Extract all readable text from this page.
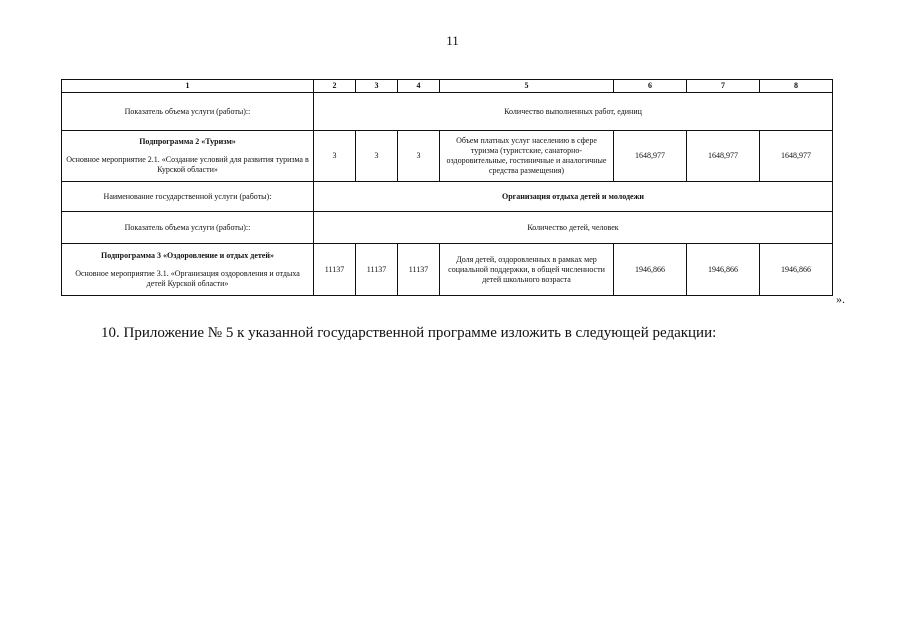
11
1	2	3	4	5	6	7	8
Показатель объема услуги (работы)::	Количество выполненных работ, единиц						

Подпрограмма 2 «Туризм»
Основное мероприятие 2.1. «Создание условий для развития туризма в Курской области»	3	3	3	Объем платных услуг населению в сфере туризма (туристские, санаторно-оздоровительные, гостиничные и аналогичные средства размещения)	1648,977	1648,977	1648,977
Наименование государственной услуги (работы):	Организация отдыха детей и молодежи						
Показатель объема услуги (работы)::	Количество детей, человек						

Подпрограмма 3 «Оздоровление и отдых детей»
Основное мероприятие 3.1. «Организация оздоровления и отдыха детей Курской области»	11137	11137	11137	Доля детей, оздоровленных в рамках мер социальной поддержки, в общей численности детей школьного возраста	1946,866	1946,866	1946,866
».
10. Приложение № 5 к указанной государственной программе изложить в следующей редакции:
